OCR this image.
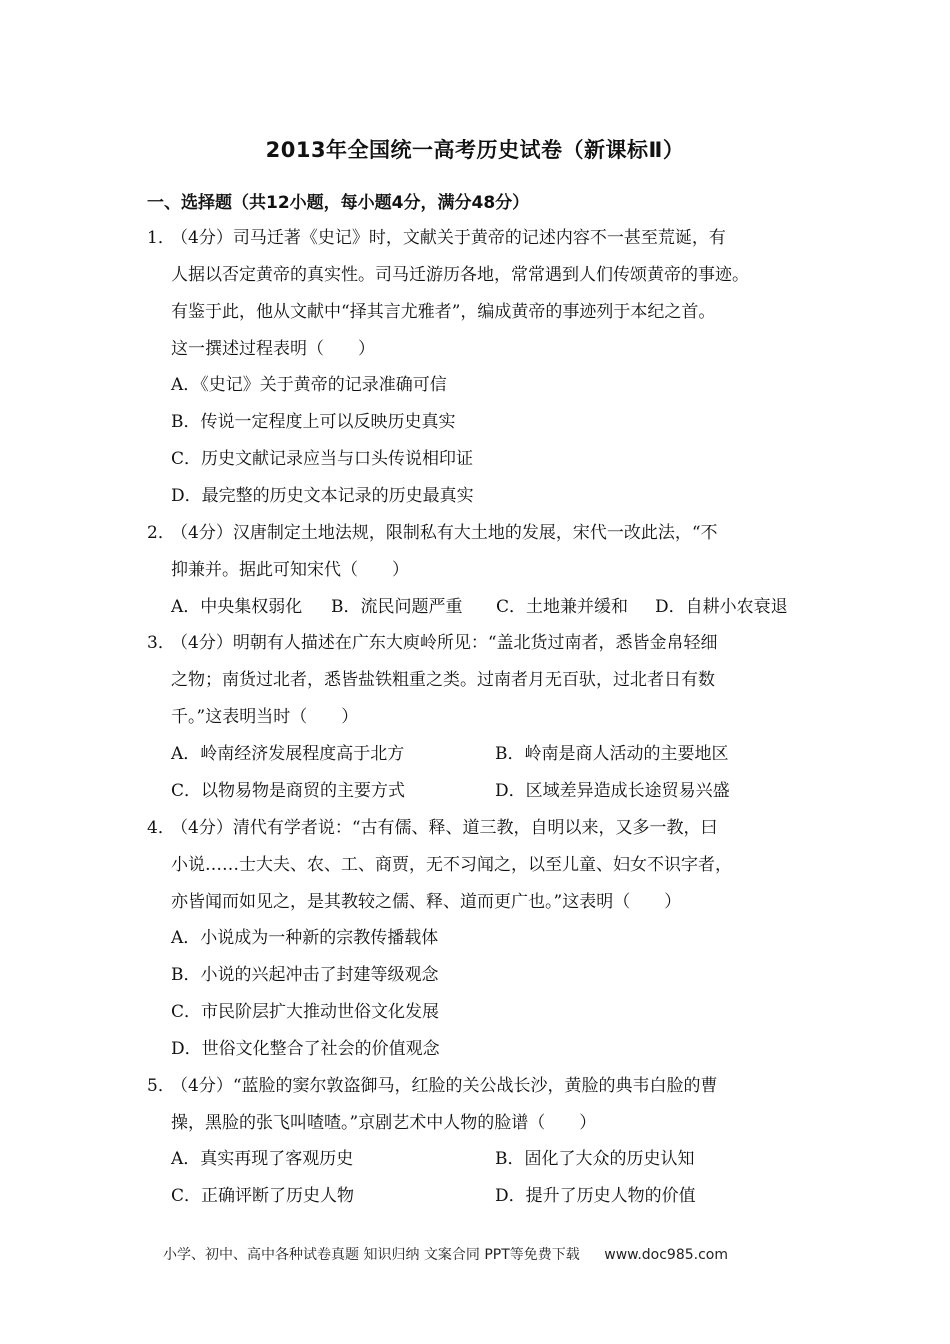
2013年全国统一高考历史试卷（新课标Ⅱ）
一、选择题（共12小题，每小题4分，满分48分）
1．
（4分）司马迁著《史记》时，文献关于黄帝的记述内容不一甚至荒诞，有
人据以否定黄帝的真实性。司马迁游历各地，常常遇到人们传颂黄帝的事迹。
有鉴于此，他从文献中“择其言尤雅者”，编成黄帝的事迹列于本纪之首。
这一撰述过程表明（　　）
A．《史记》关于黄帝的记录准确可信
B．传说一定程度上可以反映历史真实
C．历史文献记录应当与口头传说相印证
D．最完整的历史文本记录的历史最真实
2．
（4分）汉唐制定土地法规，限制私有大土地的发展，宋代一改此法，“不
抑兼并。据此可知宋代（　　）
A．中央集权弱化 B．流民问题严重 C．土地兼并缓和 D．自耕小农衰退
3．
（4分）明朝有人描述在广东大庾岭所见：“盖北货过南者，悉皆金帛轻细
之物；南货过北者，悉皆盐铁粗重之类。过南者月无百驮，过北者日有数
千。”这表明当时（　　）
A．岭南经济发展程度高于北方	B．岭南是商人活动的主要地区
C．以物易物是商贸的主要方式	D．区域差异造成长途贸易兴盛
4．
（4分）清代有学者说：“古有儒、释、道三教，自明以来，又多一教，曰
小说……士大夫、农、工、商贾，无不习闻之，以至儿童、妇女不识字者，
亦皆闻而如见之，是其教较之儒、释、道而更广也。”这表明（　　）
A．小说成为一种新的宗教传播载体
B．小说的兴起冲击了封建等级观念
C．市民阶层扩大推动世俗文化发展
D．世俗文化整合了社会的价值观念
5．
（4分）“蓝脸的窦尔敦盗御马，红脸的关公战长沙，黄脸的典韦白脸的曹
操，黑脸的张飞叫喳喳。”京剧艺术中人物的脸谱（　　）
A．真实再现了客观历史	B．固化了大众的历史认知
C．正确评断了历史人物	D．提升了历史人物的价值
小学、初中、高中各种试卷真题 知识归纳 文案合同 PPT等免费下载 www.doc985.com
